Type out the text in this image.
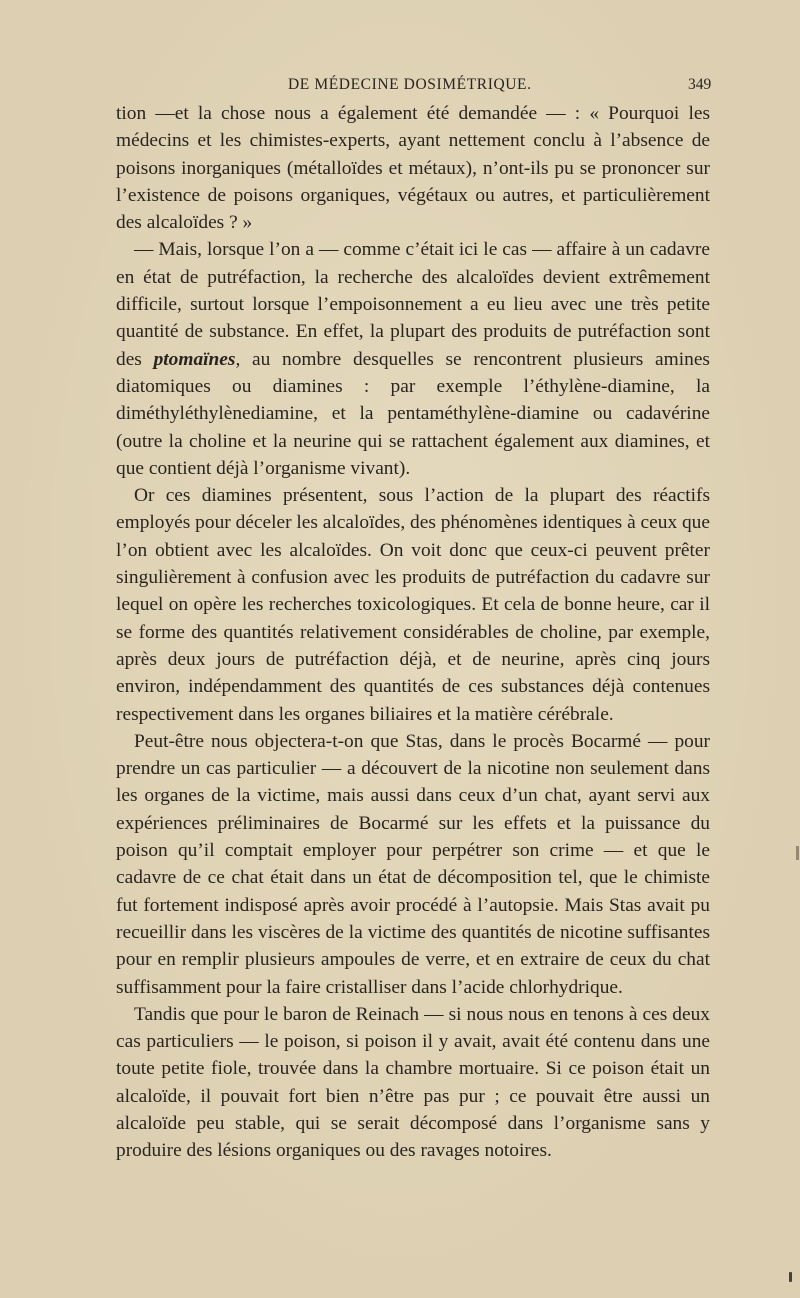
DE MÉDECINE DOSIMÉTRIQUE.	349

tion —et la chose nous a également été demandée — : « Pourquoi les médecins et les chimistes-experts, ayant nettement conclu à l’absence de poisons inorganiques (métalloïdes et métaux), n’ont-ils pu se prononcer sur l’existence de poisons organiques, végétaux ou autres, et particulièrement des alcaloïdes ? »

— Mais, lorsque l’on a — comme c’était ici le cas — affaire à un cadavre en état de putréfaction, la recherche des alcaloïdes devient extrêmement difficile, surtout lorsque l’empoisonnement a eu lieu avec une très petite quantité de substance. En effet, la plupart des produits de putréfaction sont des ptomaïnes, au nombre desquelles se rencontrent plusieurs amines diatomiques ou diamines : par exemple l’éthylène-diamine, la diméthyléthylènediamine, et la pentaméthylène-diamine ou cadavérine (outre la choline et la neurine qui se rattachent également aux diamines, et que contient déjà l’organisme vivant).

Or ces diamines présentent, sous l’action de la plupart des réactifs employés pour déceler les alcaloïdes, des phénomènes identiques à ceux que l’on obtient avec les alcaloïdes. On voit donc que ceux-ci peuvent prêter singulièrement à confusion avec les produits de putréfaction du cadavre sur lequel on opère les recherches toxicologiques. Et cela de bonne heure, car il se forme des quantités relativement considérables de choline, par exemple, après deux jours de putréfaction déjà, et de neurine, après cinq jours environ, indépendamment des quantités de ces substances déjà contenues respectivement dans les organes biliaires et la matière cérébrale.

Peut-être nous objectera-t-on que Stas, dans le procès Bocarmé — pour prendre un cas particulier — a découvert de la nicotine non seulement dans les organes de la victime, mais aussi dans ceux d’un chat, ayant servi aux expériences préliminaires de Bocarmé sur les effets et la puissance du poison qu’il comptait employer pour perpétrer son crime — et que le cadavre de ce chat était dans un état de décomposition tel, que le chimiste fut fortement indisposé après avoir procédé à l’autopsie. Mais Stas avait pu recueillir dans les viscères de la victime des quantités de nicotine suffisantes pour en remplir plusieurs ampoules de verre, et en extraire de ceux du chat suffisamment pour la faire cristalliser dans l’acide chlorhydrique.

Tandis que pour le baron de Reinach — si nous nous en tenons à ces deux cas particuliers — le poison, si poison il y avait, avait été contenu dans une toute petite fiole, trouvée dans la chambre mortuaire. Si ce poison était un alcaloïde, il pouvait fort bien n’être pas pur ; ce pouvait être aussi un alcaloïde peu stable, qui se serait décomposé dans l’organisme sans y produire des lésions organiques ou des ravages notoires.
